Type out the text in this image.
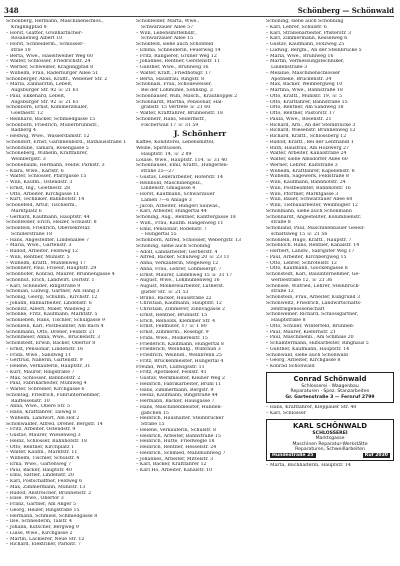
348	Schönberg — Schönwald
Schönberg, Hermann, Maschinenschlos.,
Kraglingpfad 8
– Horst, Glätter, Großhärtlicher-
Rosalienwg Albert 10
– Horst, Schneiderm., Schlosser-
strae 10
– Berta, Wwe., Haseltweiher Weg 60
– Walter, Schlosser, Friedrichstr. 24
– Werner, Schweißer, Kraglingpfad 8
– Wilhelm, Frau, Raderburger Allee 51
Schönberger, Alois, Kraftf., Webener Str. 2
– Maria, Zahnärztin, Lebelt,
Augsburger Str. 92 ☏ 21 61
– Paul, Ekkehard, Lebelt,
Augsburger Str. 92 ☏ 21 61
Schönborn, Ernst, Kommerzmaler,
Goethestr. 12
– Reinhard, Bäcker, Schmiedgasse 15
Schönborn, Friedrich, Müllerbrunnstr.,
Radberg 4
– Hedwig, Wwe., Wasserdamstr. 12
Schöndorf, Ernst, Gardinenbord., Rathausstraße 1
Schöndube, Tamara, Rosengasse 5
Schöneberg, Wilhelm, Kraftfahrer,
Weinbergstr. 3
Schönebaum, Hermann, Feldw. Parkstr. 3
– Klara, Wwe., Karlstr. 6
– Walter, Schlosser, Pfarrgasse 15
– Willi, Kaufm., Ostendstr. 3
– Ernst, Ing., Goethestr. 28
– Otto, Arbeiter, Kirchgasse 11
– Kurt, Techniker, Bahnhofstr. 14
Schönefeld, Artur, Tischlerm.,
Marktplatz 6
– Gerhard, Kaufmann, Hauptstr. 44
Schönfelder, Erich, Heizer, Schulstr. 8
Schönfeld, Friedrich, Obersekretär,
Schillerstraße 18
– Hans, Angestellter, Lindenallee 7
– Maria, Wwe., Gartenstr. 3
– Rudolf, Arbeiter, Feldweg 12
– Willi, Rentner, Mühlstr. 5
– Wilhelm, Kraftf., Mühlenweg 17
Schönherr, Paul, Friseur, Hauptstr. 29
Schönhofer, Konrad, Maurer, Brunnengasse 4
Schönhut, Erich, Landwirt, Dorfstr. 1
– Karl, Schneider, Ringstraße 9
Schönian, Ludwig, Gärtner, Am Hang 3
Schönig, Georg, Schuhm., Kirchstr. 12
– Johann, Bahnarbeiter, Lindenstr. 6
Schönitz, Albert, Maler, Waldweg 2
Schönke, Fritz, Kaufmann, Marktstr. 5
Schönleben, Hans, Tischler, Schulgasse 9
Schönlein, Karl, Postbeamter, Am Bach 4
Schönmann, Otto, Dreher, Feldstr. 21
Schönmeier, Anna, Wwe., Brückenstr. 3
Schönstedt, Erwin, Bäcker, Obertor 8
– Ernst, Pensionär, Lindenstr. 16
– Frida, Wwe., Sandweg 11
– Gertrud, Näherin, Gartenstr. 9
– Helene, Verkäuferin, Hauptstr. 31
– Kurt, Maurer, Ringstraße 7
– Max, Schlosser, Bahnhofstr. 2
– Paul, Fabrikarbeiter, Mühlweg 4
– Walter, Schreiner, Kirchgasse 6
Schöntag, Friedrich, Fuhrunternehmer,
Raiffeisenstr. 10
– Anna, Wwe., Obere Str. 5
– Hans, Kraftfahrer, Talweg 8
– Wilhelm, Landwirt, Am Hof 2
Schönwälder, Alfred, Dreher, Bergstr. 14
– Fritz, Arbeiter, Ostendstr. 9
– Gustav, Maurer, Wiesenweg 3
– Heinz, Schlosser, Bahnhofstr. 18
– Otto, Rentner, Kirchplatz 1
– Walter, Kaufm., Marktstr. 11
– Wilhelm, Tischler, Schulstr. 4
– Erna, Wwe., Gartenweg 7
– Paul, Bäcker, Hauptstr. 40
– Emil, Sattler, Lindenstr. 20
– Karl, Postschaffner, Feldweg 6
– Max, Zimmermann, Mühlstr. 13
– Rudolf, Anstreicher, Brunnenstr. 2
– Elise, Wwe., Obertor 3
– Franz, Gärtner, Am Anger 5
– Georg, Heizer, Ringstraße 15
– Hermann, Schmied, Schmiedgasse 8
– Ilse, Schneiderin, Talstr. 4
– Johann, Kutscher, Bergweg 9
– Luise, Wwe., Kirchgasse 2
– Martin, Lackierer, Neue Str. 12
– Richard, Elektriker, Parkstr. 7
Schönfelder, Marta, Wwe.,
Schwarzauer Allee 57
– Willi, Lebensmittelhdlr.,
Schwarzauer Allee 15
Schönfeld, siehe auch Schönfeld
– Emma, Schneiderin, Feuerweg 14
– Fritz, Rangierer, Grüner Weg 12
– Johannes, Rentner, Gerstenstr. 11
– Günther, Wwe., Brühlweg 16
– Walter, Kraft., Friedhofsgr. 17
– Berta, Hausfrau, Ringstr. 8
Schönhals, Frau, Schöneweiser,
Bei der Lohmühle, Sonnsbg. 2
Schönhauser, Willi, Masch., Krautkoppel 2
Schönhardt, Martha, Pensionär, Hal-
grabstr. 15 Vertrete ☏ 21 60
– Walter, Kraftfahrer, Brunnenstr. 18
Schönherr, Hans, Seilermstr.,
Fischerwall 17 ☏ 31 59
J. Schönherr
Kaffee, Konditorei, Lebensmittel,
Weine, Spirituosen,
Hauptstr. 14, ☏ 2 89
Louise, Wwe., Hauptstr. 114, ☏ 31 40
Schönhausel, Emil, Kraftf., Hungerlen-
strahe 25—27
– Gustav, Lederarbeiter, Hoferstr. 14
– Reinhold, Maschinengelz.,
Lindenstr. Gmagasse 4
– Horst, Kaufmann, Schwarzauer
Lamen 7—6 Anlage 3
– Jacob, Arbeiter, Hungerl Sauwas.,
– Karl, Arbeiter, Hungertal 44
Schöning, Aug., Rentner, Kanttergasse 18
– Wilh., Frau, Kaufm. Rangenweg 11
– Emil, Pensionär, Rodenstr. 7
– Hungertal 55
Schönborn, Alfred, Schlosser, Webergstr. 13
Schöning, siehe auch Schöning
– Adolf, Landarbeiter, Gerberstr. 4
– Alfred, Bäcker, Schulweg 20 ☏ 23 11
– Anna, Verkäuferin, Stegelweg 12
– Anna, Frau, Lehrer, Lohmeiergr. 7
– Ernst, Maurer, Lindenweg 15 ☏ 31 17
– August, Wwe., Lohmühlenweg 16
– August, Molkereiarbeiter, Lutherst.
guster Str. ☏ 21 53
– Bruno, Bäcker, Hausstraße 22
– Christian, Kaufmann, Hauptstr. 12
– Christian, Zimmerer, Zinnvagasse 2
– Ernst, Rentner, Brunnstr. 15
– Erich, Reinolds, Klemmer Str. 4
– Ernst, Feldhüter, 17 ☏ 1 80
– Ernst, Zimmerm., Rosengr. 9
– Frida, Wwe., Molkerelstr. 15
– Friederich, Kaufmann, Hungertal 8
– Friederich, Weinhdlg., Wilbraun 3
– Friedrich, Weinhdl., Weinbrenn 25
– Fritz, Brückenmeister, Hungertal 4
Freund, Wirt, Ludwigsstr. 11
– Fritz, Apotheker, Feldstr. 41
– Gustav, Werkmeister, Kleiner Weg 2
– Heinrich, Fabrikarbeiter, Brühl 11
– Hans, Zimmermann, Bergstr. 9
– Heinz, Kaufmann, Ringstraße 44
– Hermann, Bäcker, Hausgasse 7
– Hans, Maschinenmeister, Hunnen-
gäßchen 15
– Heinrich, Haushalter, Steinbrücker
Straße 15
– Helene, Verkäuferin, Schulstr. 8
– Heinrich, Arbeiter, Bahnstraße 15
– Heinrich, Hütte, Friedwegle 18
– Heinrich, Rentner, Hesselstr. 24
– Heinrich, Schmied, Mahlmühlweg 7
– Johannes, Arbeiter, Mittelstr. 3
– Karl, Bäcker, Kraftfahrer 12
– Karl Ho, Arbeiter, Kanalstr. 10
Schöning, siehe auch Schönning
– Karl, Lehrer, Schulstr. 6
– Karl, Straßenarbeiter, Pfisterstr. 3
– Karl, Zimmermann, Kesselweg 6
– Gustav, Kaufmann, Holzweg 25
– Ludwig, Bergm., An der Steinbrücke 5
– Maria, Wwe., Brühlweg 16
– Martin, Vermessungstechniker,
Lindenstraße 3
– Melanie, Maschinenschlosser
Apotheke, Brückenstr. 34
– Max, Bäcker, Weinbergweg 10
– Martina, Wwe., Bahnstraße 18
– Otto, Kraftf., Mühlstr. 19, ☏ 5
– Otto, Kraftfahrer, Bahnstraße 15
– Otto, Rentner, Am Sandweg 18
– Otto, Rentner, Pastorstr. 17
– Paula, Wwe., Rosenstr. 21
– Richard, Arb., An der Steinbrücke 3
– Richard, Wiesenstr. Brunnenweg 12
– Richard, Kraftf., Schlossberg 12
– Rudolf, Kraftf., Bei der Lenthandl 1
– Ruth, Hausfrau, Am Holzwerg 27
– Walter, Arbeiter, Kanalstraße 24
– Walter, siehe Amsdorfer Allee 60
– Werner, Lehrer, Kaltstraße 3
– Wilhelm, Kraftfahrer, Kapellenstr. 8
– Wilhelm, Sägewerk, Feldstraße 8
– Willi, Kaufmann, Bahnhofstr. 24
– Willi, Postbeamter, Bahnhofstr. 16
– Willi, Pförtner, Marktgasse 3
– Willi, Bauer, Schwarzauer Allee 60
– Willi, Tiefbauarbeiter, Weinhügler 12
Schönmann, siehe auch Schönmann
Schönhardt, Angestellter, Kolumbienstr.
straße 8
Schönland, Paul, Maschinenbauer Gesell-
schaftsweg 15 ☏ 21 56
Schönlein, Hugo, Kraftf., Haupstr. 7
Schönloch, Hans, Rentner, Kanalstr. 14
– Herbert, Landw., Salrigster Weg 17
– Paul, Arbeiter, Kirchbergweg 15
– Otto, Lehrer, Schrötelstr. 12
– Otto, Kaufmann, Glockengasse 8
Schönstedt, Karl, Bauunternehmer, Ge-
werbestraße 12, ☏ 21 36
Schönsee, Wilfried, Lehrer, Steinbrück-
straße 12
Schönstein, Frau, Arbeiter, Kuhgrund 3
Schönweitz, Friedrich, Landwirtschafts-
zentralgenossenschaft
Schönweiner, Richard, Schlossgärtner,
Hauptstraße 8
– Otto, Schüler, Winterfeld, Brunnen-
– Paul, Maurer, Kiefernstr. 21
– Paul, Maschinenb., Am Schmale 20
– Schamtermann, Hilfsarbeiter, Ringhaus 5
– Günther, Kaufmann, Hauptstr. 14
Schönwald, siehe auch Schönwald
– Georg, Arbeiter, Kirchgasse 8
– Konrad Schönwald
Conrad Schönwald
Schlosserei · Waagenbau
Reparaturen · Spez. Stanzarbeiten
Gr. Gartenstraße 3 — Fernruf 2799
– Hans, Kraftfahrer, Kleppauer Str. 40
– Karl, Schlosser
KARL SCHÖNWALD
SCHLOSSEREI
Marktsgasse
Maschinen Reparatur-Werkstätte
Reparaturen, Schweißarbeiten
Hundestraße 25	Ruf 2030
– Marta, Buchhalterin, Hauptstr. 14
